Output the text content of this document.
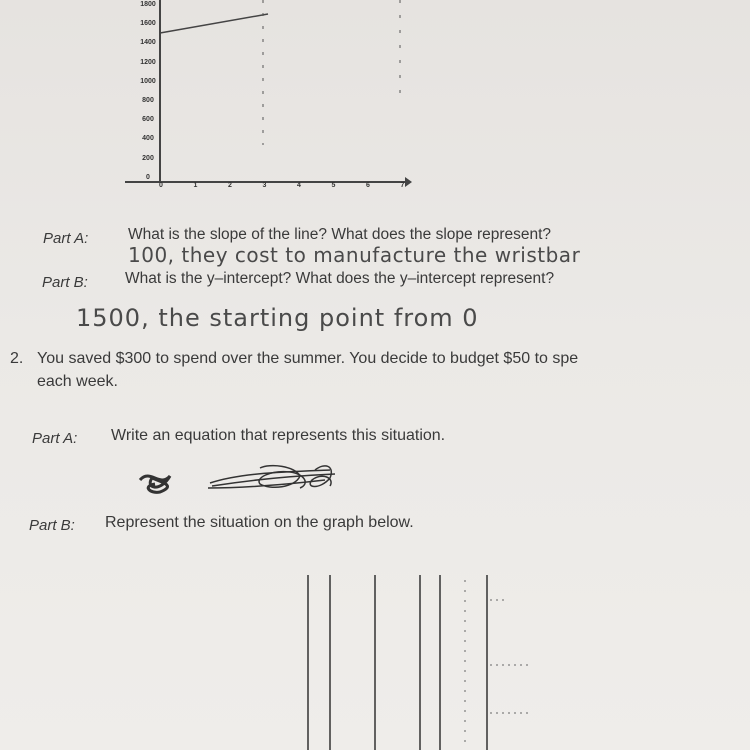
1800
1600
1400
1200
1000
800
600
400
200
0
0	1	2	3	4	5	6	7
Part A:	What is the slope of the line? What does the slope represent?
100, they cost to manufacture the wristbar
Part B: What is the y–intercept? What does the y–intercept represent?
1500, the starting point from 0
2. You saved $300 to spend over the summer. You decide to budget $50 to spe
each week.
Part A: Write an equation that represents this situation.
Part B: Represent the situation on the graph below.
